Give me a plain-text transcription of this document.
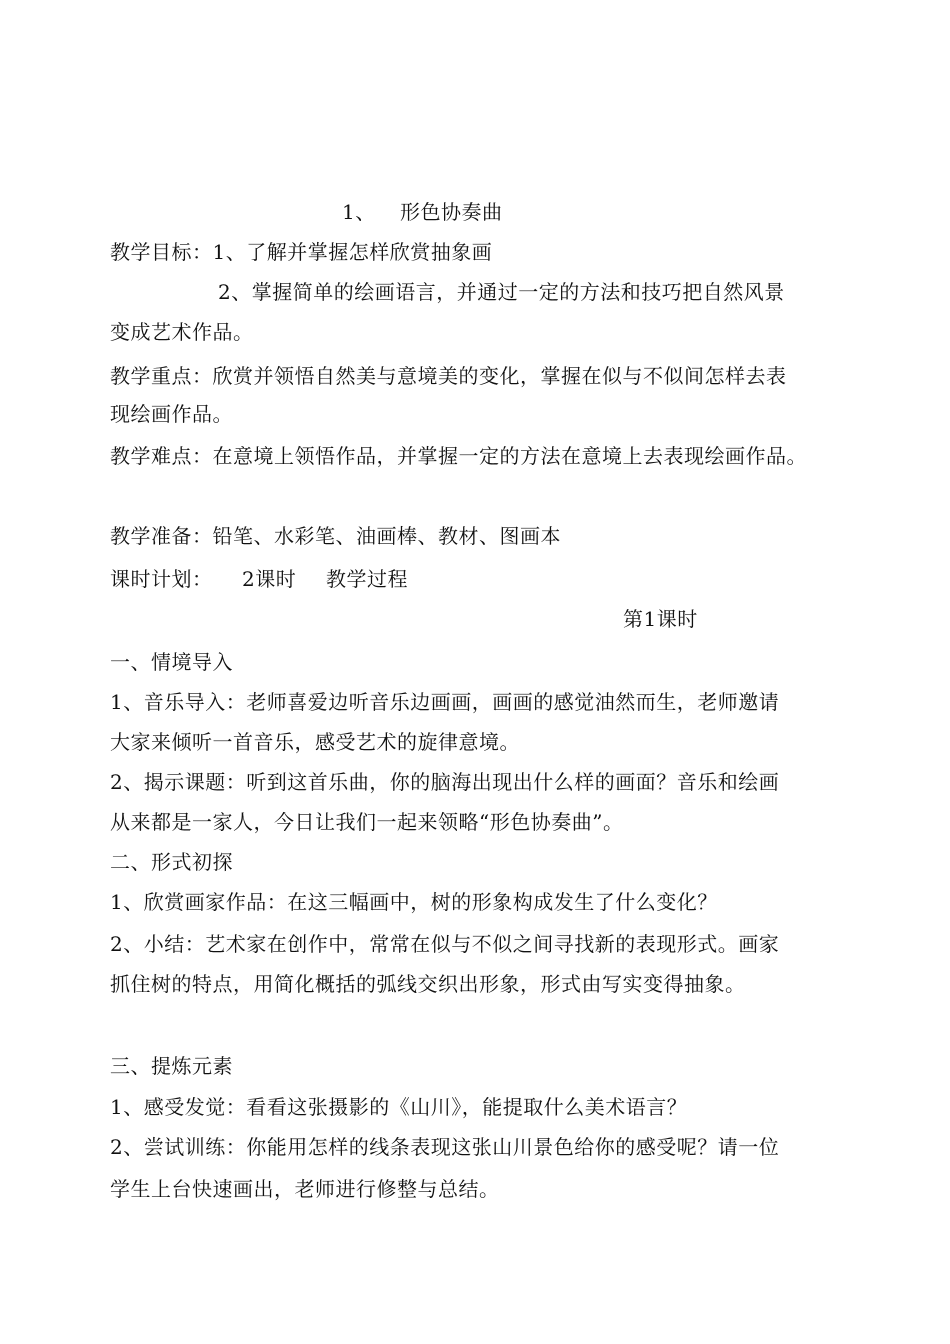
1、 形色协奏曲
教学目标：1、了解并掌握怎样欣赏抽象画
2、掌握简单的绘画语言，并通过一定的方法和技巧把自然风景
变成艺术作品。
教学重点：欣赏并领悟自然美与意境美的变化，掌握在似与不似间怎样去表
现绘画作品。
教学难点：在意境上领悟作品，并掌握一定的方法在意境上去表现绘画作品。
教学准备：铅笔、水彩笔、油画棒、教材、图画本
课时计划： 2课时 教学过程
第1课时
一、情境导入
1、音乐导入：老师喜爱边听音乐边画画，画画的感觉油然而生，老师邀请
大家来倾听一首音乐，感受艺术的旋律意境。
2、揭示课题：听到这首乐曲，你的脑海出现出什么样的画面？音乐和绘画
从来都是一家人，今日让我们一起来领略“形色协奏曲”。
二、形式初探
1、欣赏画家作品：在这三幅画中，树的形象构成发生了什么变化？
2、小结：艺术家在创作中，常常在似与不似之间寻找新的表现形式。画家
抓住树的特点，用简化概括的弧线交织出形象，形式由写实变得抽象。
三、提炼元素
1、感受发觉：看看这张摄影的《山川》，能提取什么美术语言？
2、尝试训练：你能用怎样的线条表现这张山川景色给你的感受呢？请一位
学生上台快速画出，老师进行修整与总结。
